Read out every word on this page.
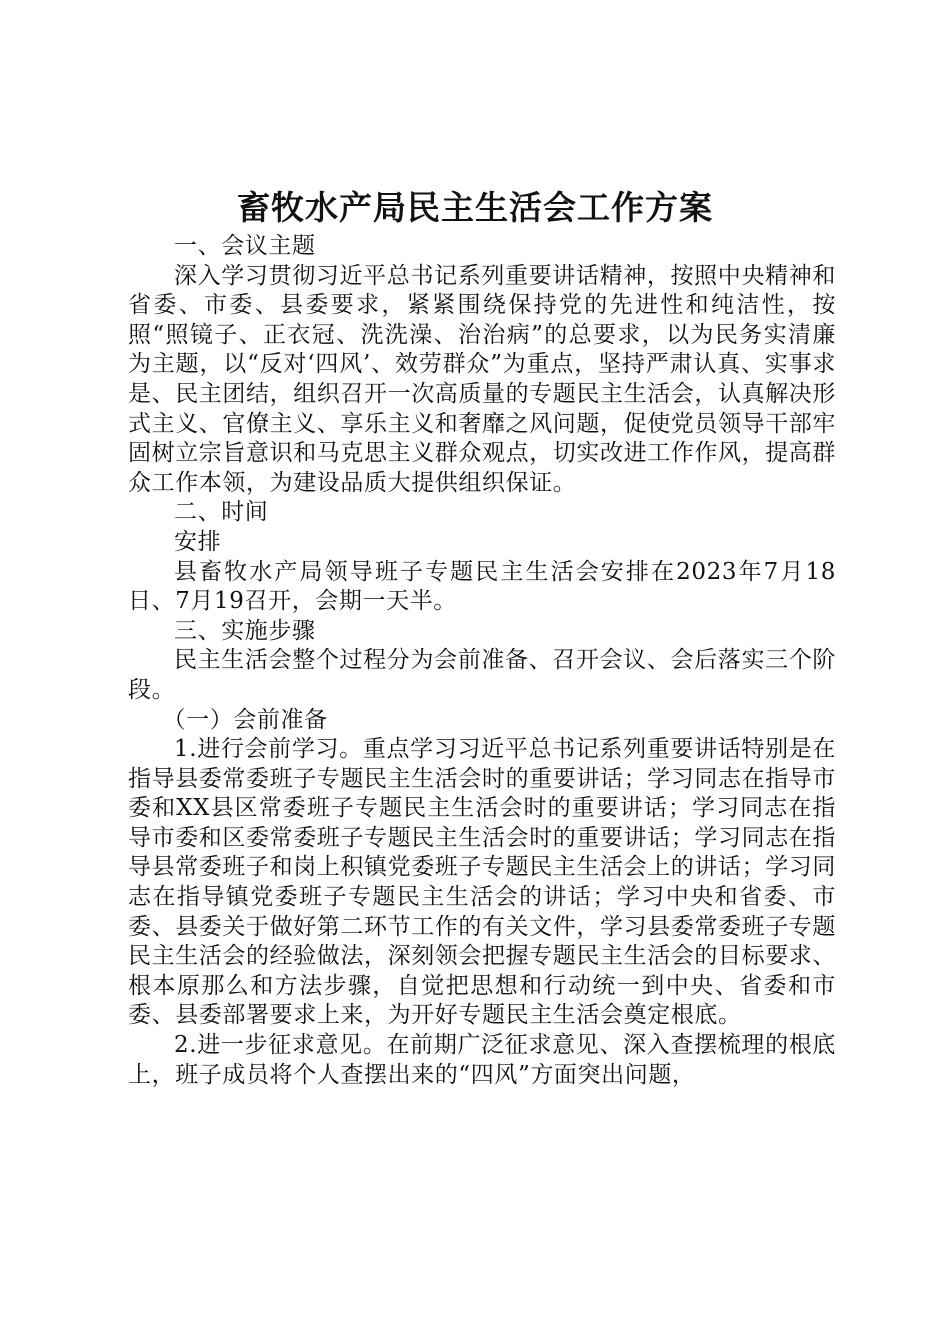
畜牧水产局民主生活会工作方案

一、会议主题

深入学习贯彻习近平总书记系列重要讲话精神，按照中央精神和省委、市委、县委要求，紧紧围绕保持党的先进性和纯洁性，按照“照镜子、正衣冠、洗洗澡、治治病”的总要求，以为民务实清廉为主题，以“反对‘四风’、效劳群众”为重点，坚持严肃认真、实事求是、民主团结，组织召开一次高质量的专题民主生活会，认真解决形式主义、官僚主义、享乐主义和奢靡之风问题，促使党员领导干部牢固树立宗旨意识和马克思主义群众观点，切实改进工作作风，提高群众工作本领，为建设品质大提供组织保证。

二、时间

安排

县畜牧水产局领导班子专题民主生活会安排在2023年7月18日、7月19召开，会期一天半。

三、实施步骤

民主生活会整个过程分为会前准备、召开会议、会后落实三个阶段。

（一）会前准备

1.进行会前学习。重点学习习近平总书记系列重要讲话特别是在指导县委常委班子专题民主生活会时的重要讲话；学习同志在指导市委和XX县区常委班子专题民主生活会时的重要讲话；学习同志在指导市委和区委常委班子专题民主生活会时的重要讲话；学习同志在指导县常委班子和岗上积镇党委班子专题民主生活会上的讲话；学习同志在指导镇党委班子专题民主生活会的讲话；学习中央和省委、市委、县委关于做好第二环节工作的有关文件，学习县委常委班子专题民主生活会的经验做法，深刻领会把握专题民主生活会的目标要求、根本原那么和方法步骤，自觉把思想和行动统一到中央、省委和市委、县委部署要求上来，为开好专题民主生活会奠定根底。

2.进一步征求意见。在前期广泛征求意见、深入查摆梳理的根底上，班子成员将个人查摆出来的“四风”方面突出问题，
